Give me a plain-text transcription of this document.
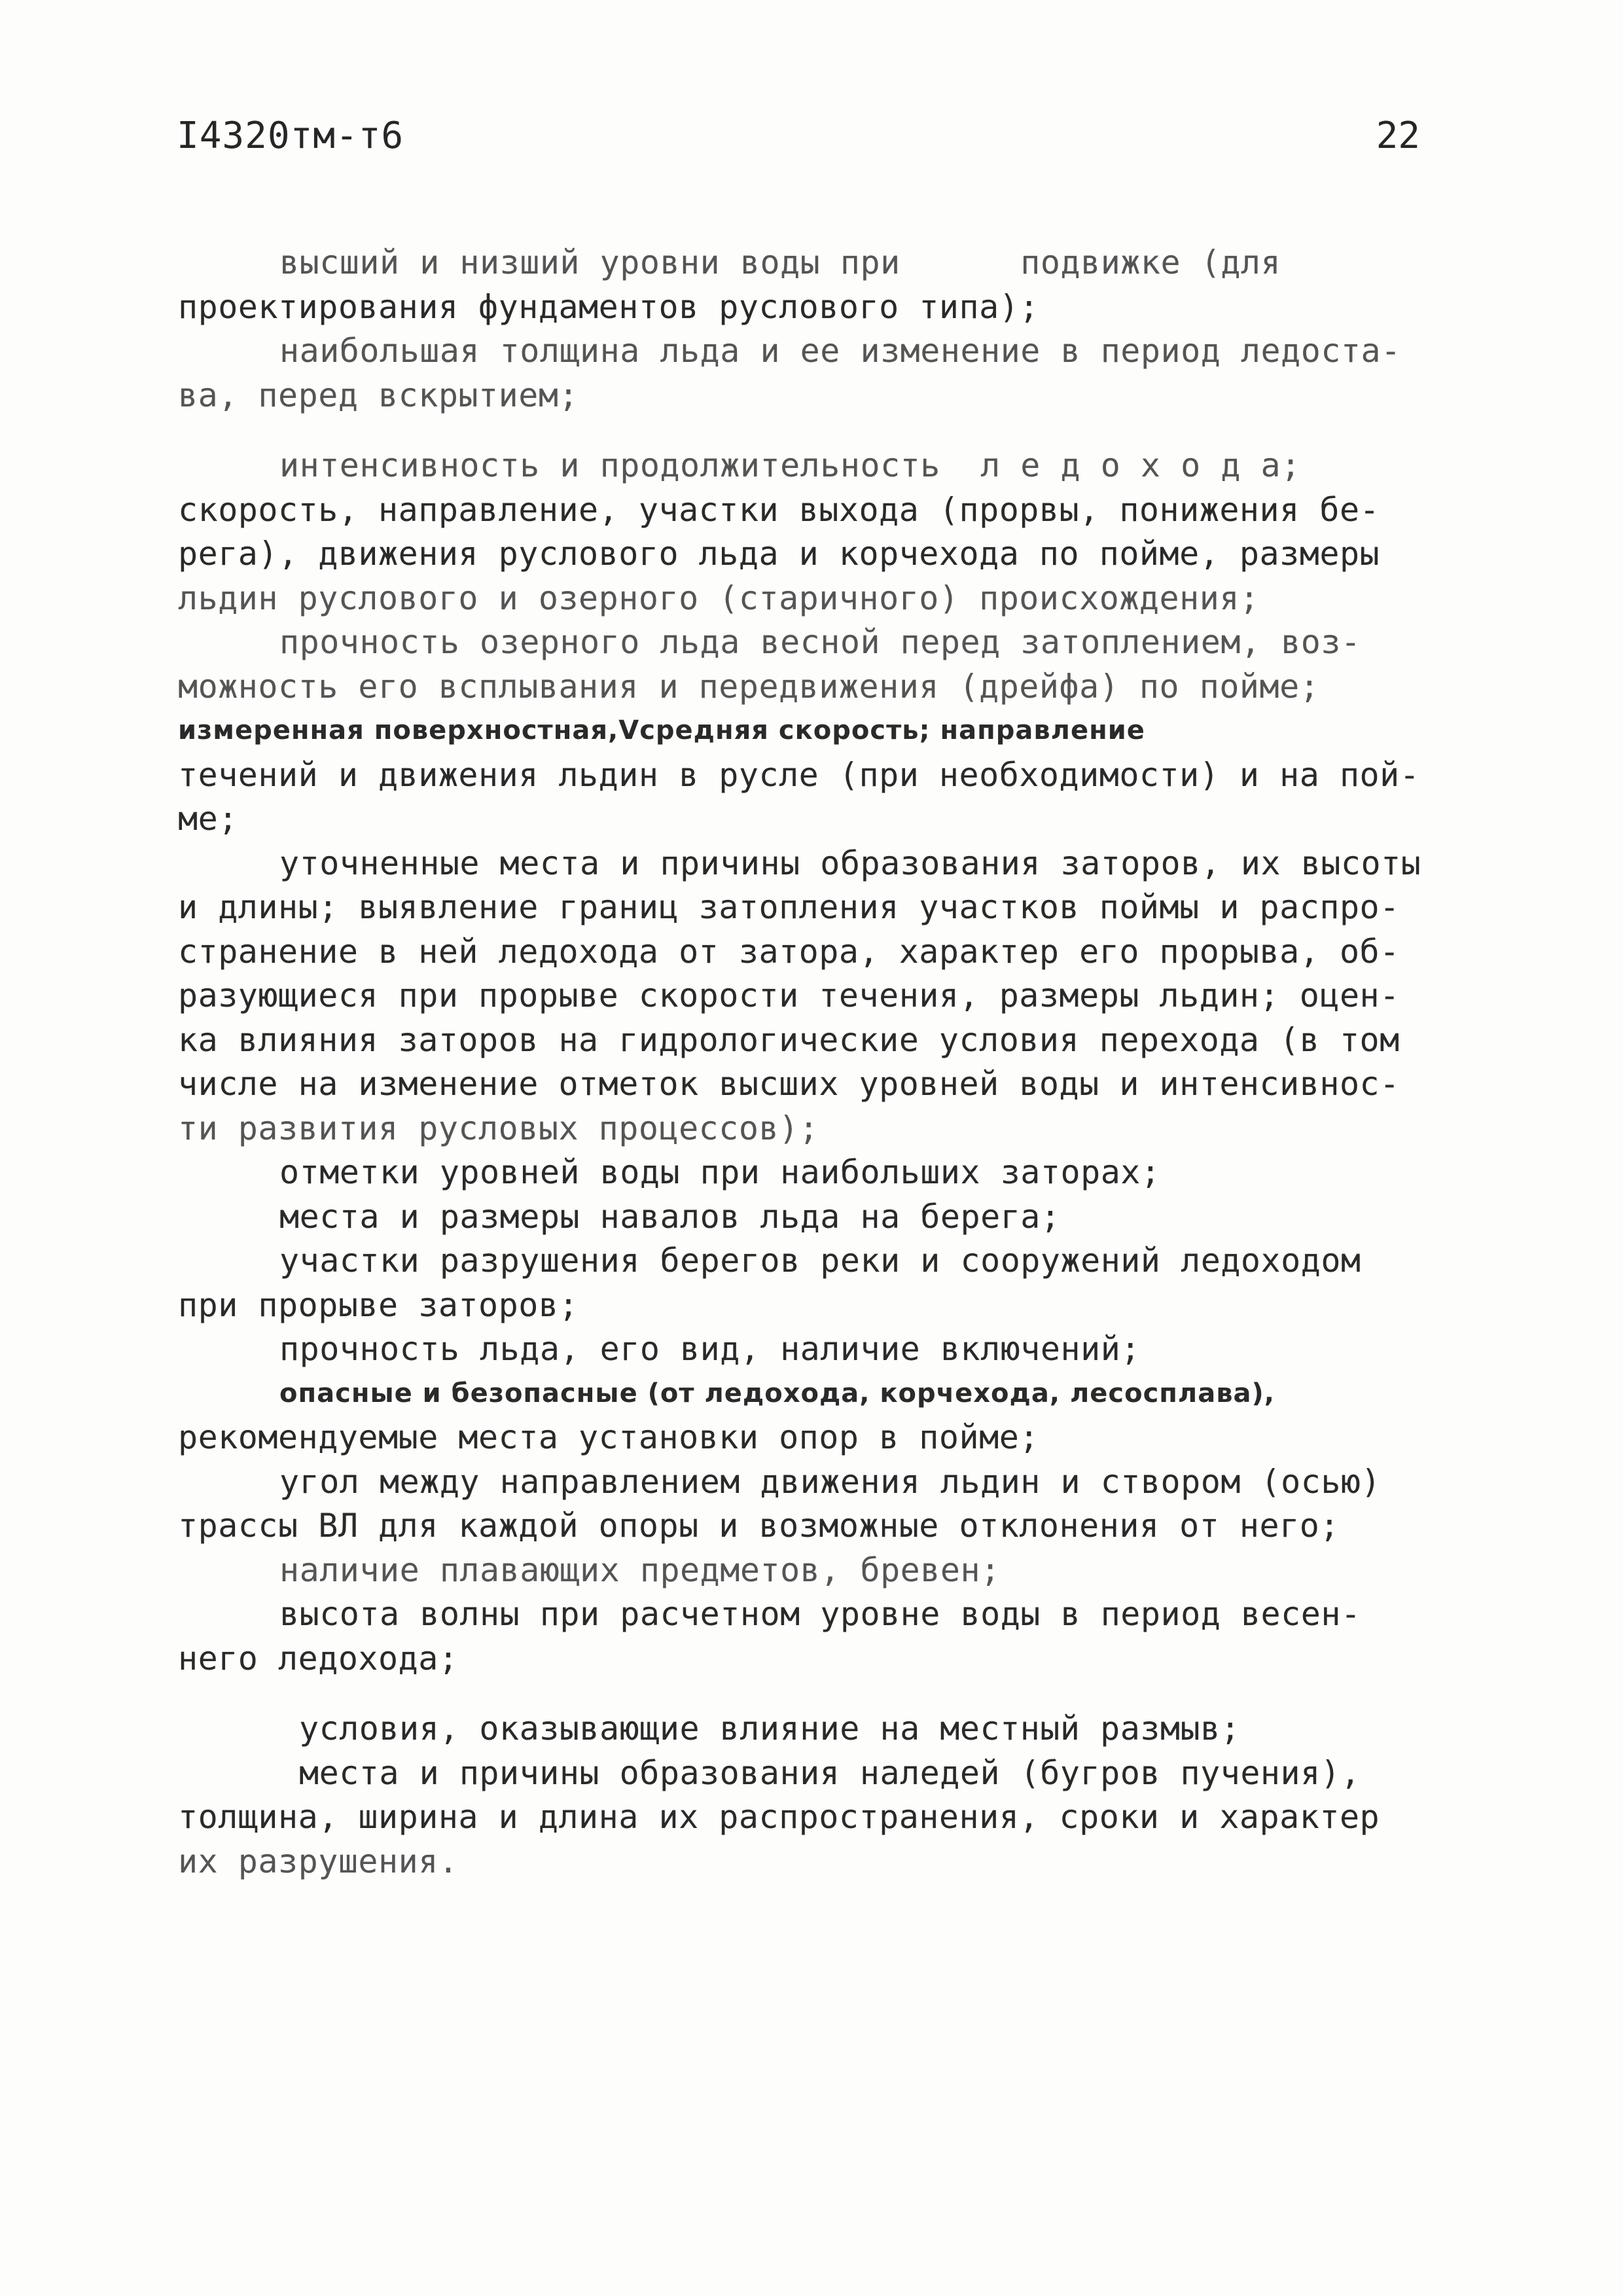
I4320тм-т6	22
высший и низший уровни воды при      подвижке (для
проектирования фундаментов руслового типа);
наибольшая толщина льда и ее изменение в период ледоста-
ва, перед вскрытием;
интенсивность и продолжительность  л е д о х о д а;
скорость, направление, участки выхода (прорвы, понижения бе-
рега), движения руслового льда и корчехода по пойме, размеры
льдин руслового и озерного (старичного) происхождения;
прочность озерного льда весной перед затоплением, воз-
можность его всплывания и передвижения (дрейфа) по пойме;
измеренная поверхностная,Vсредняя скорость; направление
течений и движения льдин в русле (при необходимости) и на пой-
ме;
уточненные места и причины образования заторов, их высоты
и длины; выявление границ затопления участков поймы и распро-
странение в ней ледохода от затора, характер его прорыва, об-
разующиеся при прорыве скорости течения, размеры льдин; оцен-
ка влияния заторов на гидрологические условия перехода (в том
числе на изменение отметок высших уровней воды и интенсивнос-
ти развития русловых процессов);
отметки уровней воды при наибольших заторах;
места и размеры навалов льда на берега;
участки разрушения берегов реки и сооружений ледоходом
при прорыве заторов;
прочность льда, его вид, наличие включений;
опасные и безопасные (от ледохода, корчехода, лесосплава),
рекомендуемые места установки опор в пойме;
угол между направлением движения льдин и створом (осью)
трассы ВЛ для каждой опоры и возможные отклонения от него;
наличие плавающих предметов, бревен;
высота волны при расчетном уровне воды в период весен-
него ледохода;
условия, оказывающие влияние на местный размыв;
места и причины образования наледей (бугров пучения),
толщина, ширина и длина их распространения, сроки и характер
их разрушения.
